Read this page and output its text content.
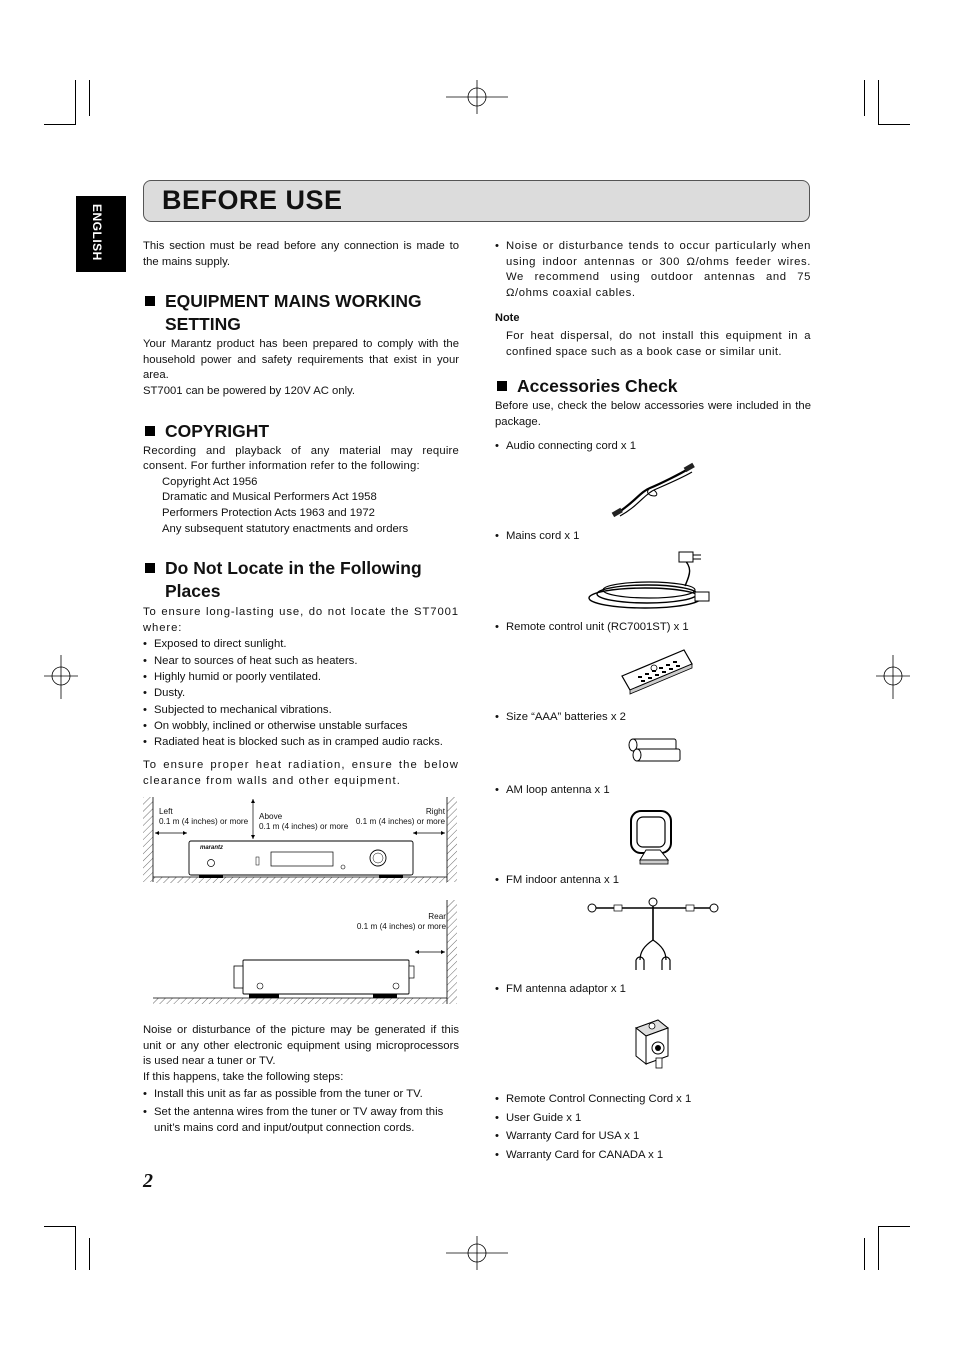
ENGLISH
BEFORE USE

This section must be read before any connection is made to the mains supply.

EQUIPMENT MAINS WORKING
SETTING

Your Marantz product has been prepared to comply with the household power and safety requirements that exist in your area.

ST7001 can be powered by 120V AC only.

COPYRIGHT

Recording and playback of any material may require consent. For further information refer to the following:

Copyright Act 1956

Dramatic and Musical Performers Act 1958

Performers Protection Acts 1963 and 1972

Any subsequent statutory enactments and orders

Do Not Locate in the Following
Places

To ensure long-lasting use, do not locate the ST7001 where:

• Exposed to direct sunlight.
• Near to sources of heat such as heaters.
• Highly humid or poorly ventilated.
• Dusty.
• Subjected to mechanical vibrations.
• On wobbly, inclined or otherwise unstable surfaces
• Radiated heat is blocked such as in cramped audio racks.

To ensure proper heat radiation, ensure the below clearance from walls and other equipment.

Left
0.1 m (4 inches) or more
Above
0.1 m (4 inches) or more
Right
0.1 m (4 inches) or more
marantz
Rear
0.1 m (4 inches) or more

Noise or disturbance of the picture may be generated if this unit or any other electronic equipment using microprocessors is used near a tuner or TV.

If this happens, take the following steps:

• Install this unit as far as possible from the tuner or TV.
• Set the antenna wires from the tuner or TV away from this unit’s mains cord and input/output connection cords.
2
• Noise or disturbance tends to occur particularly when using indoor antennas or 300 Ω/ohms feeder wires. We recommend using outdoor antennas and 75 Ω/ohms coaxial cables.

Note

For heat dispersal, do not install this equipment in a confined space such as a book case or similar unit.

Accessories Check

Before use, check the below accessories were included in the package.

• Audio connecting cord x 1
• Mains cord x 1
• Remote control unit (RC7001ST) x 1
• Size “AAA” batteries x 2
• AM loop antenna x 1
• FM indoor antenna x 1
• FM antenna adaptor x 1
• Remote Control Connecting Cord x 1
• User Guide x 1
• Warranty Card for USA x 1
• Warranty Card for CANADA x 1
